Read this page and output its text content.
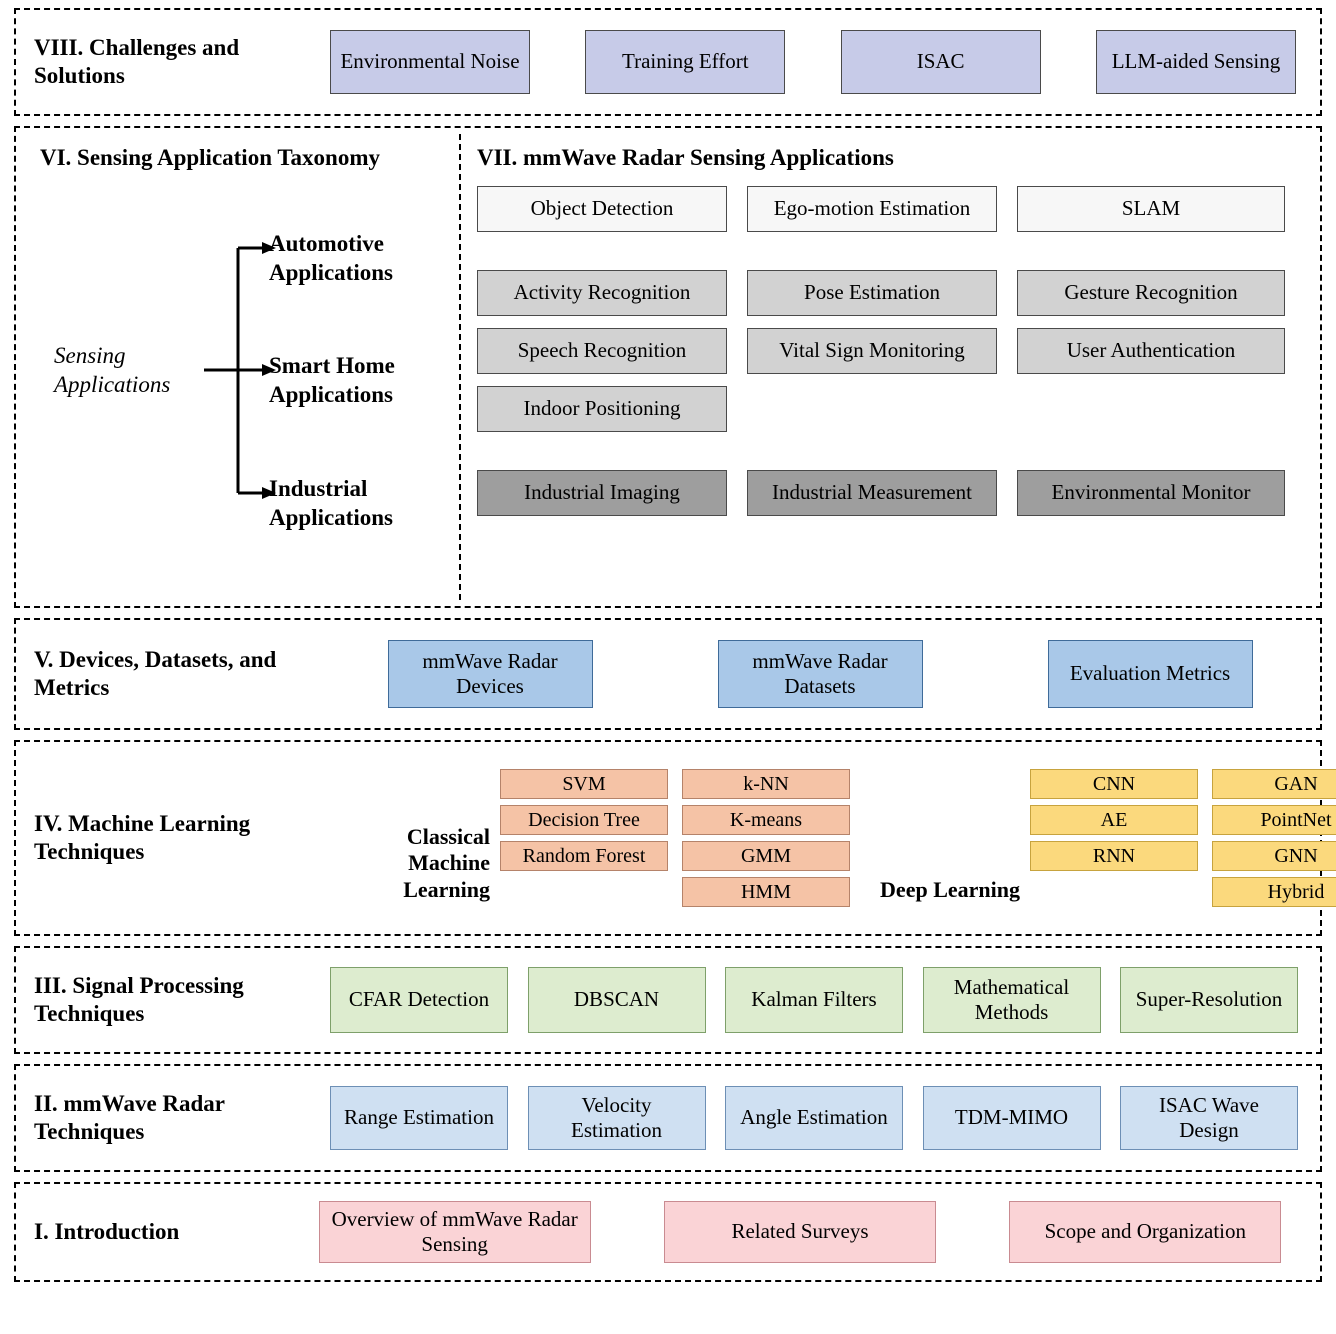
VIII. Challenges and Solutions
Environmental Noise	Training Effort	ISAC	LLM-aided Sensing
VI. Sensing Application Taxonomy
Sensing Applications
Automotive Applications
Smart Home Applications
Industrial Applications
VII. mmWave Radar Sensing Applications
Object Detection	Ego-motion Estimation	SLAM
Activity Recognition	Pose Estimation	Gesture Recognition
Speech Recognition	Vital Sign Monitoring	User Authentication
Indoor Positioning
Industrial Imaging	Industrial Measurement	Environmental Monitor
V. Devices, Datasets, and Metrics
mmWave Radar Devices
mmWave Radar Datasets
Evaluation Metrics
IV. Machine Learning Techniques
Classical Machine Learning
SVM
Decision Tree
Random Forest
k-NN
K-means
GMM
HMM	Deep Learning
CNN
AE
RNN
GAN
PointNet
GNN
Hybrid
III. Signal Processing Techniques
CFAR Detection	DBSCAN	Kalman Filters
Mathematical Methods
Super-Resolution
II. mmWave Radar Techniques
Range Estimation
Velocity Estimation
Angle Estimation	TDM-MIMO
ISAC Wave Design
I. Introduction
Overview of mmWave Radar Sensing
Related Surveys	Scope and Organization
